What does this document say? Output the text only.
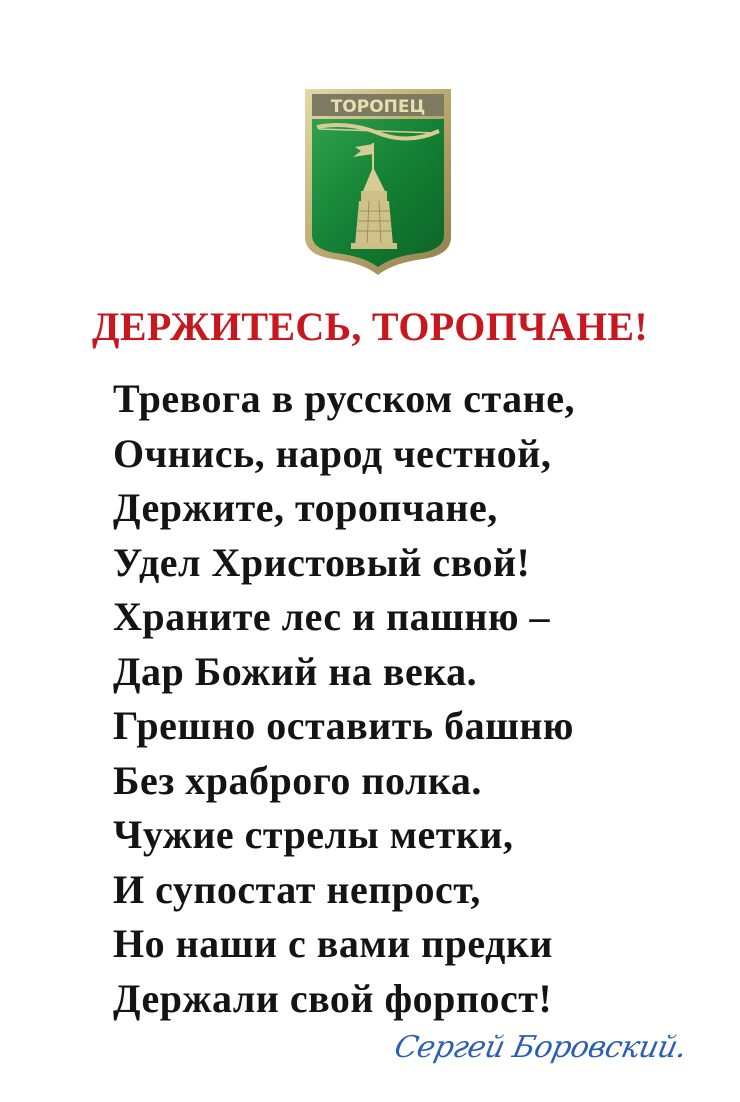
ТОРОПЕЦ
ДЕРЖИТЕСЬ, ТОРОПЧАНЕ!
Тревога в русском стане,
Очнись, народ честной,
Держите, торопчане,
Удел Христовый свой!
Храните лес и пашню –
Дар Божий на века.
Грешно оставить башню
Без храброго полка.
Чужие стрелы метки,
И супостат непрост,
Но наши с вами предки
Держали свой форпост!
Сергей Боровский.
